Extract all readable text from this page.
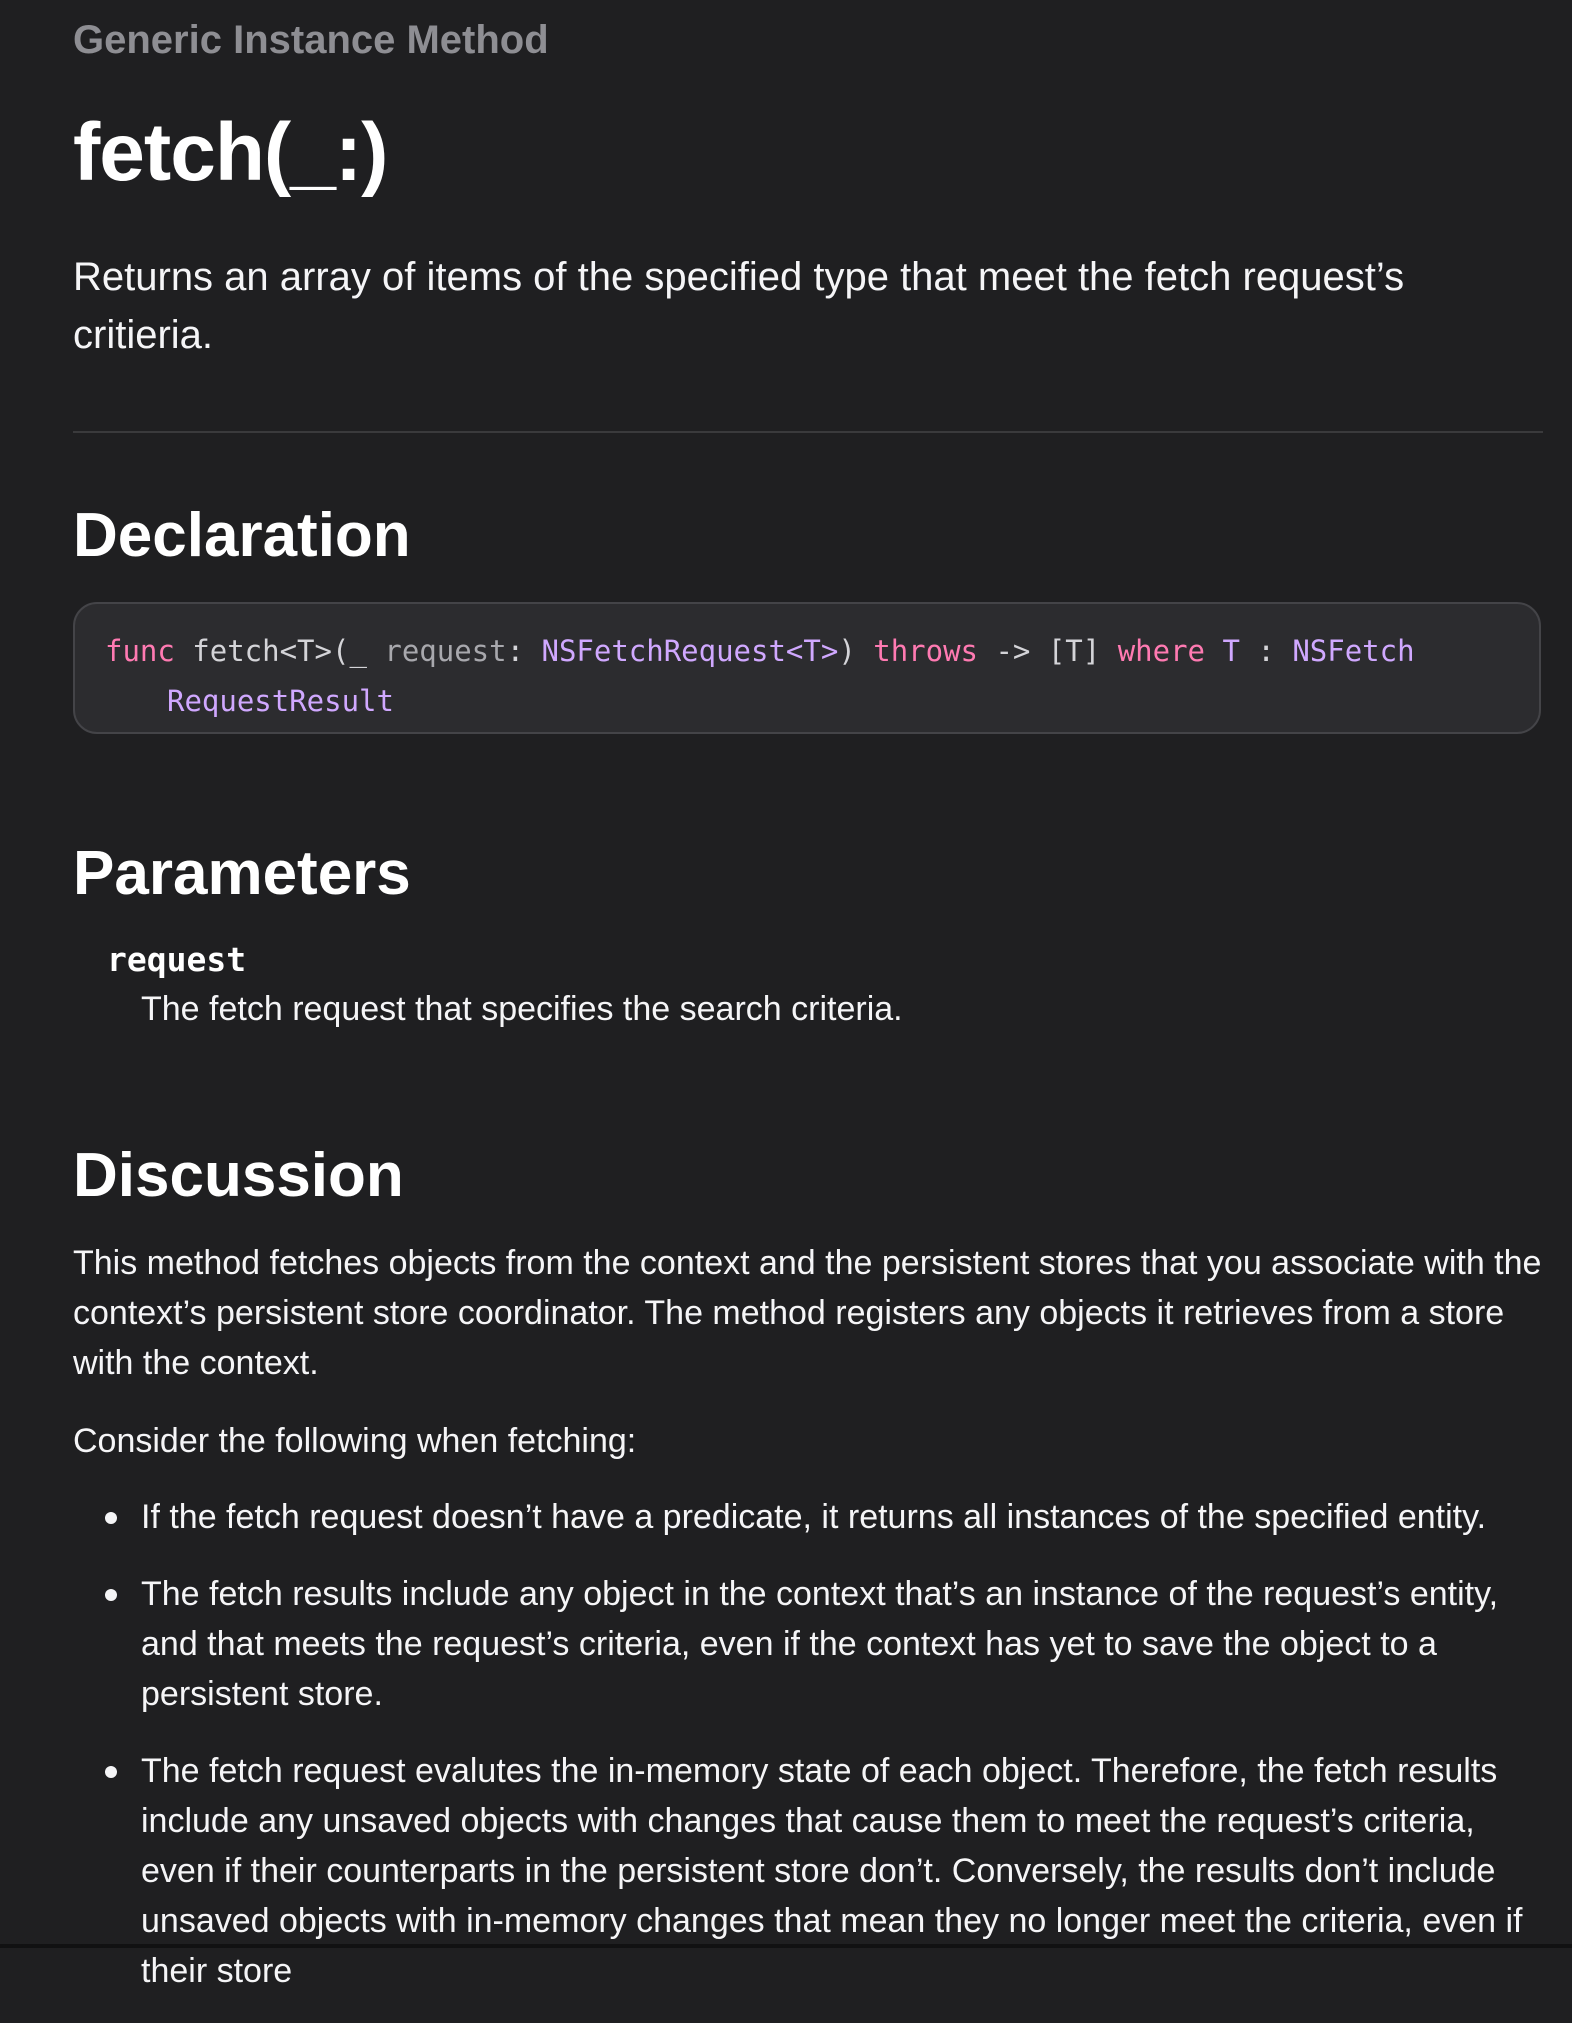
Generic Instance Method
fetch(_:)

Returns an array of items of the specified type that meet the fetch request’s critieria.

Declaration
func fetch<T>(_ request: NSFetchRequest<T>) throws -> [T] where T : NSFetch
RequestResult
Parameters
request
The fetch request that specifies the search criteria.
Discussion

This method fetches objects from the context and the persistent stores that you associate with the context’s persistent store coordinator. The method registers any objects it retrieves from a store with the context.

Consider the following when fetching:

If the fetch request doesn’t have a predicate, it returns all instances of the specified entity.
The fetch results include any object in the context that’s an instance of the request’s entity, and that meets the request’s criteria, even if the context has yet to save the object to a persistent store.
The fetch request evalutes the in-memory state of each object. Therefore, the fetch results include any unsaved objects with changes that cause them to meet the request’s criteria, even if their counterparts in the persistent store don’t. Conversely, the results don’t include unsaved objects with in-memory changes that mean they no longer meet the criteria, even if their store
